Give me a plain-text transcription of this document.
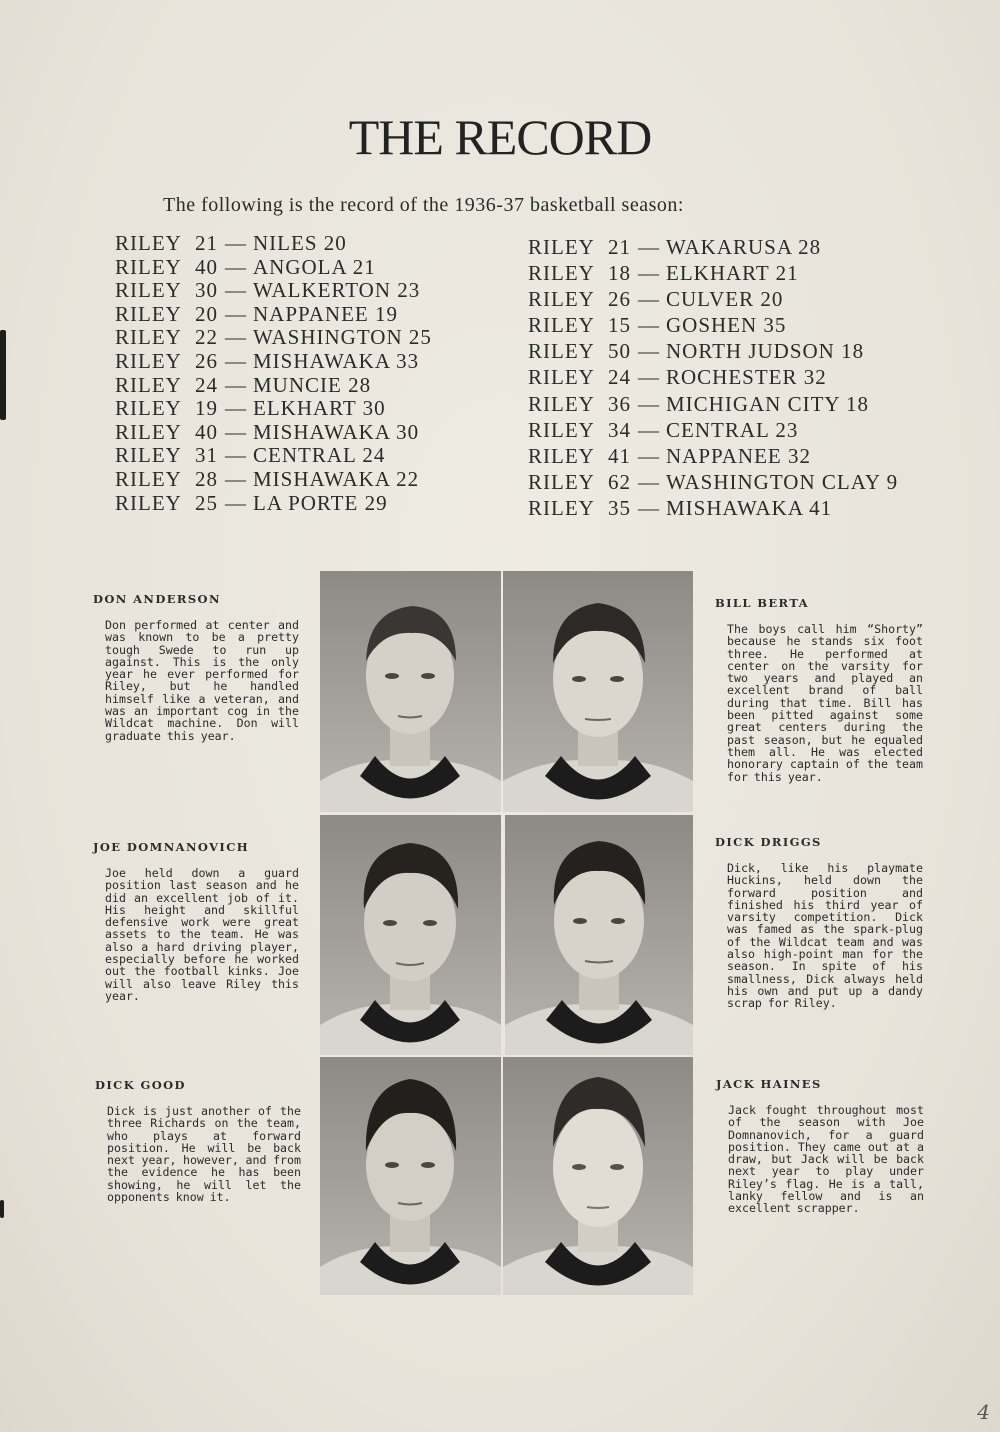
THE RECORD
The following is the record of the 1936-37 basketball season:
RILEY 21 — NILES 20
RILEY 40 — ANGOLA 21
RILEY 30 — WALKERTON 23
RILEY 20 — NAPPANEE 19
RILEY 22 — WASHINGTON 25
RILEY 26 — MISHAWAKA 33
RILEY 24 — MUNCIE 28
RILEY 19 — ELKHART 30
RILEY 40 — MISHAWAKA 30
RILEY 31 — CENTRAL 24
RILEY 28 — MISHAWAKA 22
RILEY 25 — LA PORTE 29
RILEY 21 — WAKARUSA 28
RILEY 18 — ELKHART 21
RILEY 26 — CULVER 20
RILEY 15 — GOSHEN 35
RILEY 50 — NORTH JUDSON 18
RILEY 24 — ROCHESTER 32
RILEY 36 — MICHIGAN CITY 18
RILEY 34 — CENTRAL 23
RILEY 41 — NAPPANEE 32
RILEY 62 — WASHINGTON CLAY 9
RILEY 35 — MISHAWAKA 41
DON ANDERSON
Don performed at center and was known to be a pretty tough Swede to run up against. This is the only year he ever performed for Riley, but he handled himself like a veteran, and was an important cog in the Wildcat machine. Don will graduate this year.
BILL BERTA
The boys call him “Shorty” because he stands six foot three. He performed at center on the varsity for two years and played an excellent brand of ball during that time. Bill has been pitted against some great centers during the past season, but he equaled them all. He was elected honorary captain of the team for this year.
JOE DOMNANOVICH
Joe held down a guard position last season and he did an excellent job of it. His height and skillful defensive work were great assets to the team. He was also a hard driving player, especially before he worked out the football kinks. Joe will also leave Riley this year.
DICK DRIGGS
Dick, like his playmate Huckins, held down the forward position and finished his third year of varsity competition. Dick was famed as the spark-plug of the Wildcat team and was also high-point man for the season. In spite of his smallness, Dick always held his own and put up a dandy scrap for Riley.
DICK GOOD
Dick is just another of the three Richards on the team, who plays at forward position. He will be back next year, however, and from the evidence he has been showing, he will let the opponents know it.
JACK HAINES
Jack fought throughout most of the season with Joe Domnanovich, for a guard position. They came out at a draw, but Jack will be back next year to play under Riley’s flag. He is a tall, lanky fellow and is an excellent scrapper.
4
